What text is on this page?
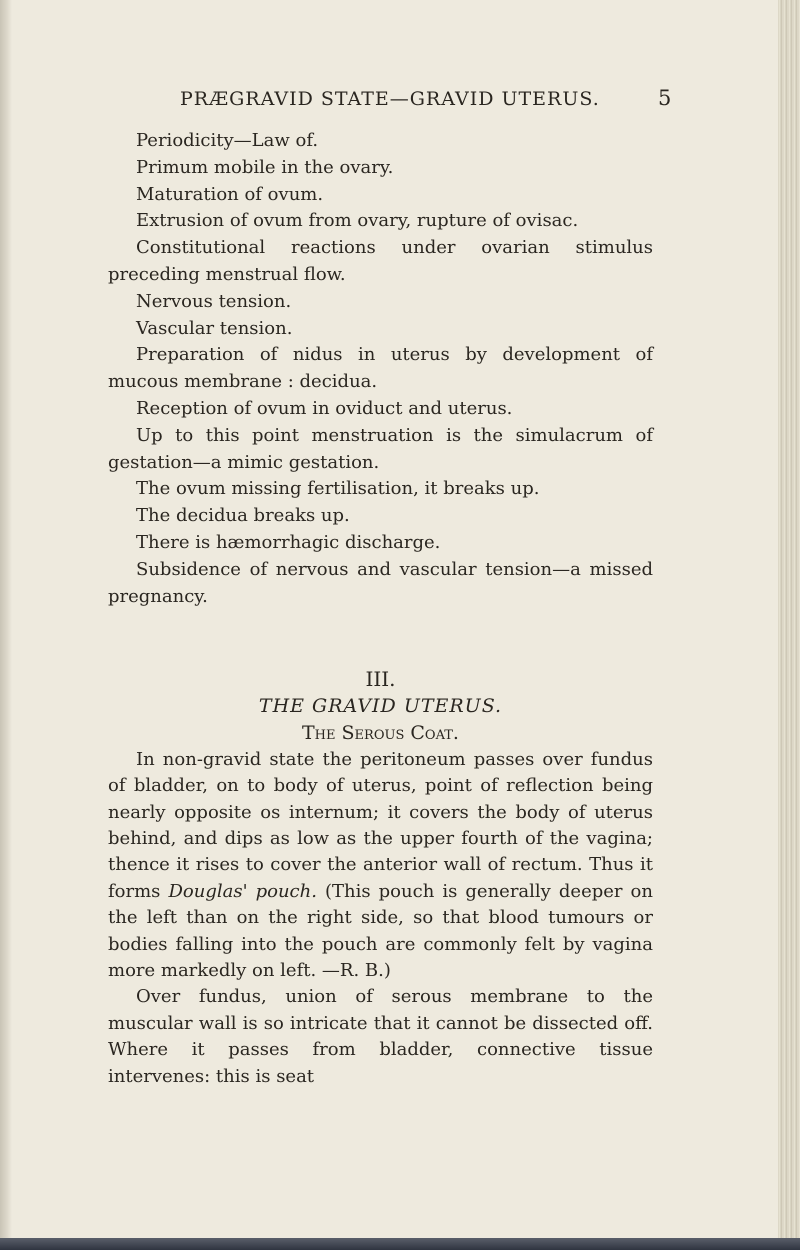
PRÆGRAVID STATE—GRAVID UTERUS.	5

Periodicity—Law of.

Primum mobile in the ovary.

Maturation of ovum.

Extrusion of ovum from ovary, rupture of ovisac.

Constitutional reactions under ovarian stimulus preceding menstrual flow.

Nervous tension.

Vascular tension.

Preparation of nidus in uterus by development of mucous membrane : decidua.

Reception of ovum in oviduct and uterus.

Up to this point menstruation is the simulacrum of gestation—a mimic gestation.

The ovum missing fertilisation, it breaks up.

The decidua breaks up.

There is hæmorrhagic discharge.

Subsidence of nervous and vascular tension—a missed pregnancy.

III.

THE GRAVID UTERUS.

The Serous Coat.

In non-gravid state the peritoneum passes over fundus of bladder, on to body of uterus, point of reflection being nearly opposite os internum; it covers the body of uterus behind, and dips as low as the upper fourth of the vagina; thence it rises to cover the anterior wall of rectum. Thus it forms Douglas' pouch. (This pouch is generally deeper on the left than on the right side, so that blood tumours or bodies falling into the pouch are commonly felt by vagina more markedly on left. —R. B.)

Over fundus, union of serous membrane to the muscular wall is so intricate that it cannot be dissected off. Where it passes from bladder, connective tissue intervenes: this is seat
